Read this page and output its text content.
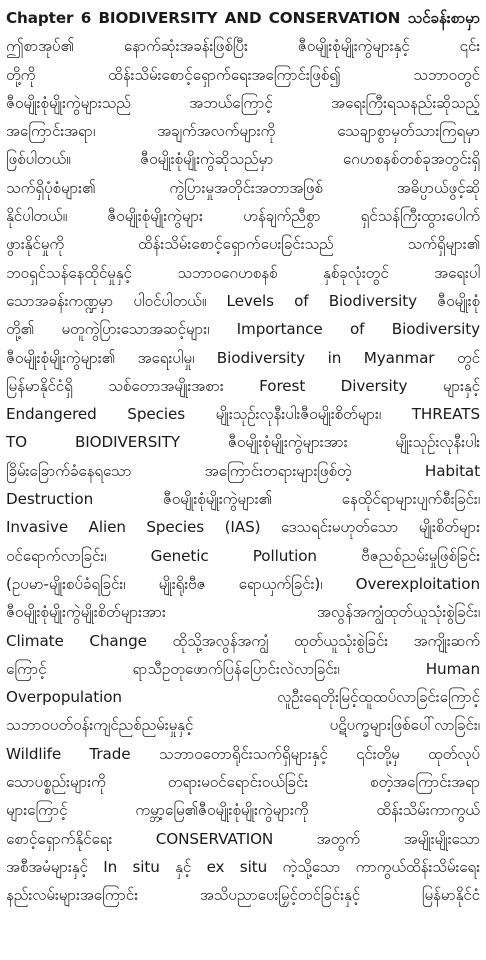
Chapter 6 BIODIVERSITY AND CONSERVATION သင်ခန်းစာမှာ
ဤစာအုပ်၏ နောက်ဆုံးအခန်းဖြစ်ပြီး ဇီဝမျိုးစုံမျိုးကွဲများနှင့် ၎င်း
တို့ကို ထိန်းသိမ်းစောင့်ရှောက်ရေးအကြောင်းဖြစ်၍ သဘာဝတွင်
ဇီဝမျိုးစုံမျိုးကွဲများသည် အဘယ်ကြောင့် အရေးကြီးရသနည်းဆိုသည့်
အကြောင်းအရာ၊ အချက်အလက်များကို သေချာစွာမှတ်သားကြရမှာ
ဖြစ်ပါတယ်။ ဇီဝမျိုးစုံမျိုးကွဲဆိုသည်မှာ ဂေဟစနစ်တစ်ခုအတွင်းရှိ
သက်ရှိပုံစံများ၏ ကွဲပြားမှုအတိုင်းအတာအဖြစ် အဓိပ္ပာယ်ဖွင့်ဆို
နိုင်ပါတယ်။ ဇီဝမျိုးစုံမျိုးကွဲများ ဟန်ချက်ညီစွာ ရှင်သန်ကြီးထွားပေါက်
ဖွားနိုင်မှုကို ထိန်းသိမ်းစောင့်ရှောက်ပေးခြင်းသည် သက်ရှိများ၏
ဘဝရှင်သန်နေထိုင်မှုနှင့် သဘာဝဂေဟစနစ် နှစ်ခုလုံးတွင် အရေးပါ
သောအခန်းကဏ္ဍမှာ ပါဝင်ပါတယ်။ Levels of Biodiversity ဇီဝမျိုးစုံ
တို့၏ မတူကွဲပြားသောအဆင့်များ၊ Importance of Biodiversity
ဇီဝမျိုးစုံမျိုးကွဲများ၏ အရေးပါမှု၊ Biodiversity in Myanmar တွင်
မြန်မာနိုင်ငံရှိ သစ်တောအမျိုးအစား Forest Diversity များနှင့်
Endangered Species မျိုးသုဉ်းလုနီးပါးဇီဝမျိုးစိတ်များ၊ THREATS
TO BIODIVERSITY ဇီဝမျိုးစုံမျိုးကွဲများအား မျိုးသုဉ်းလုနီးပါး
ခြိမ်းခြောက်ခံနေရသော အကြောင်းတရားများဖြစ်တဲ့ Habitat
Destruction ဇီဝမျိုးစုံမျိုးကွဲများ၏ နေထိုင်ရာများပျက်စီးခြင်း၊
Invasive Alien Species (IAS) ဒေသရင်းမဟုတ်သော မျိုးစိတ်များ
ဝင်ရောက်လာခြင်း၊ Genetic Pollution ဗီဇညစ်ညမ်းမှုဖြစ်ခြင်း
(ဥပမာ-မျိုးစပ်ခံရခြင်း၊ မျိုးရိုးဗီဇ ရောယှက်ခြင်း)၊ Overexploitation
ဇီဝမျိုးစုံမျိုးကွဲမျိုးစိတ်များအား အလွန်အကျွံထုတ်ယူသုံးစွဲခြင်း၊
Climate Change ထိုသို့အလွန်အကျွံ ထုတ်ယူသုံးစွဲခြင်း အကျိုးဆက်
ကြောင့် ရာသီဥတုဖောက်ပြန်ပြောင်းလဲလာခြင်း၊ Human
Overpopulation လူဦးရေတိုးမြင့်ထူထပ်လာခြင်းကြောင့်
သဘာဝပတ်ဝန်းကျင်ညစ်ညမ်းမှုနှင့် ပဋိပက္ခများဖြစ်ပေါ်လာခြင်း၊
Wildlife Trade သဘာဝတောရိုင်းသက်ရှိများနှင့် ၎င်းတို့မှ ထုတ်လုပ်
သောပစ္စည်းများကို တရားမဝင်ရောင်းဝယ်ခြင်း စတဲ့အကြောင်းအရာ
များကြောင့် ကမ္ဘာ့မြေ၏ဇီဝမျိုးစုံမျိုးကွဲများကို ထိန်းသိမ်းကာကွယ်
စောင့်ရှောက်နိုင်ရေး CONSERVATION အတွက် အမျိုးမျိုးသော
အစီအမံများနှင့် In situ နှင့် ex situ ကဲ့သို့သော ကာကွယ်ထိန်းသိမ်းရေး
နည်းလမ်းများအကြောင်း အသိပညာပေးမြှင့်တင်ခြင်းနှင့် မြန်မာနိုင်ငံ
